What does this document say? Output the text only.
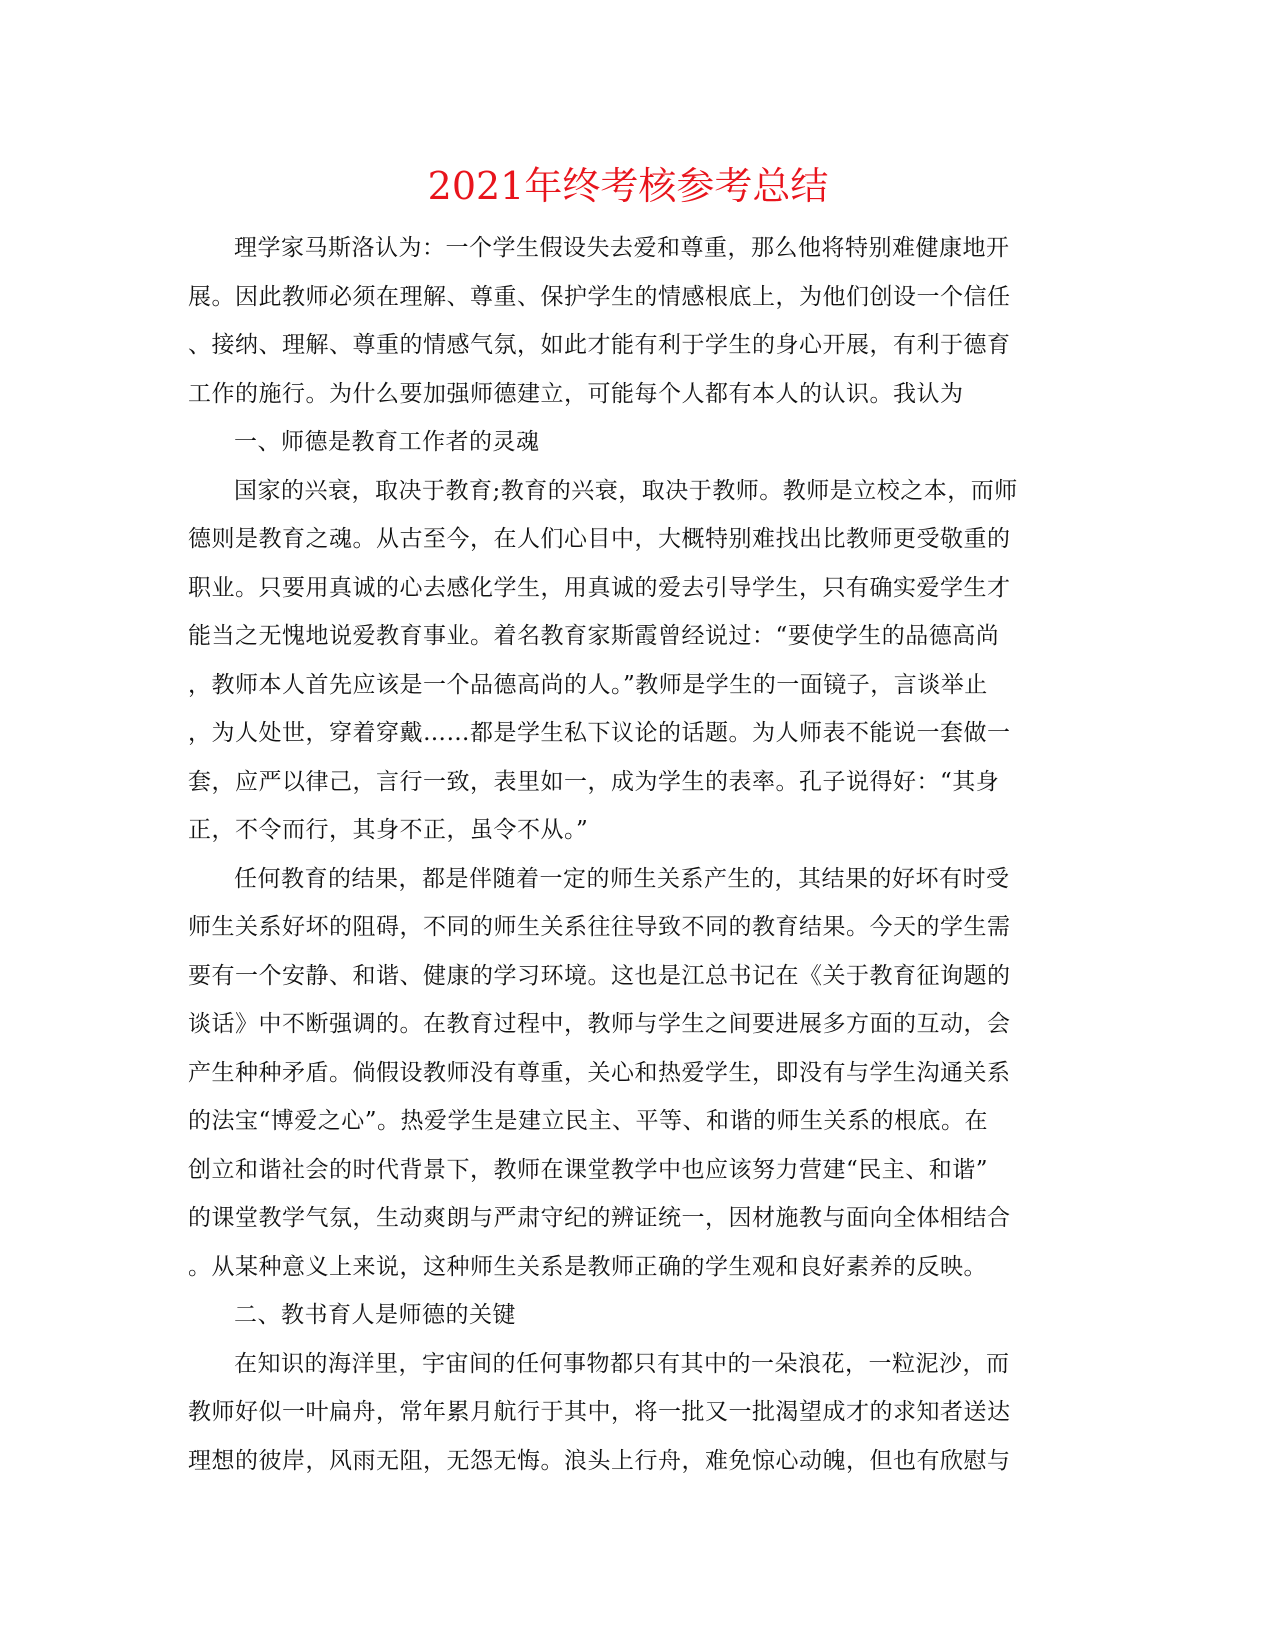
2021年终考核参考总结
理学家马斯洛认为：一个学生假设失去爱和尊重，那么他将特别难健康地开
展。因此教师必须在理解、尊重、保护学生的情感根底上，为他们创设一个信任
、接纳、理解、尊重的情感气氛，如此才能有利于学生的身心开展，有利于德育
工作的施行。为什么要加强师德建立，可能每个人都有本人的认识。我认为
一、师德是教育工作者的灵魂
国家的兴衰，取决于教育;教育的兴衰，取决于教师。教师是立校之本，而师
德则是教育之魂。从古至今，在人们心目中，大概特别难找出比教师更受敬重的
职业。只要用真诚的心去感化学生，用真诚的爱去引导学生，只有确实爱学生才
能当之无愧地说爱教育事业。着名教育家斯霞曾经说过：“要使学生的品德高尚
，教师本人首先应该是一个品德高尚的人。”教师是学生的一面镜子，言谈举止
，为人处世，穿着穿戴……都是学生私下议论的话题。为人师表不能说一套做一
套，应严以律己，言行一致，表里如一，成为学生的表率。孔子说得好：“其身
正，不令而行，其身不正，虽令不从。”
任何教育的结果，都是伴随着一定的师生关系产生的，其结果的好坏有时受
师生关系好坏的阻碍，不同的师生关系往往导致不同的教育结果。今天的学生需
要有一个安静、和谐、健康的学习环境。这也是江总书记在《关于教育征询题的
谈话》中不断强调的。在教育过程中，教师与学生之间要进展多方面的互动，会
产生种种矛盾。倘假设教师没有尊重，关心和热爱学生，即没有与学生沟通关系
的法宝“博爱之心”。热爱学生是建立民主、平等、和谐的师生关系的根底。在
创立和谐社会的时代背景下，教师在课堂教学中也应该努力营建“民主、和谐”
的课堂教学气氛，生动爽朗与严肃守纪的辨证统一，因材施教与面向全体相结合
。从某种意义上来说，这种师生关系是教师正确的学生观和良好素养的反映。
二、教书育人是师德的关键
在知识的海洋里，宇宙间的任何事物都只有其中的一朵浪花，一粒泥沙，而
教师好似一叶扁舟，常年累月航行于其中，将一批又一批渴望成才的求知者送达
理想的彼岸，风雨无阻，无怨无悔。浪头上行舟，难免惊心动魄，但也有欣慰与
